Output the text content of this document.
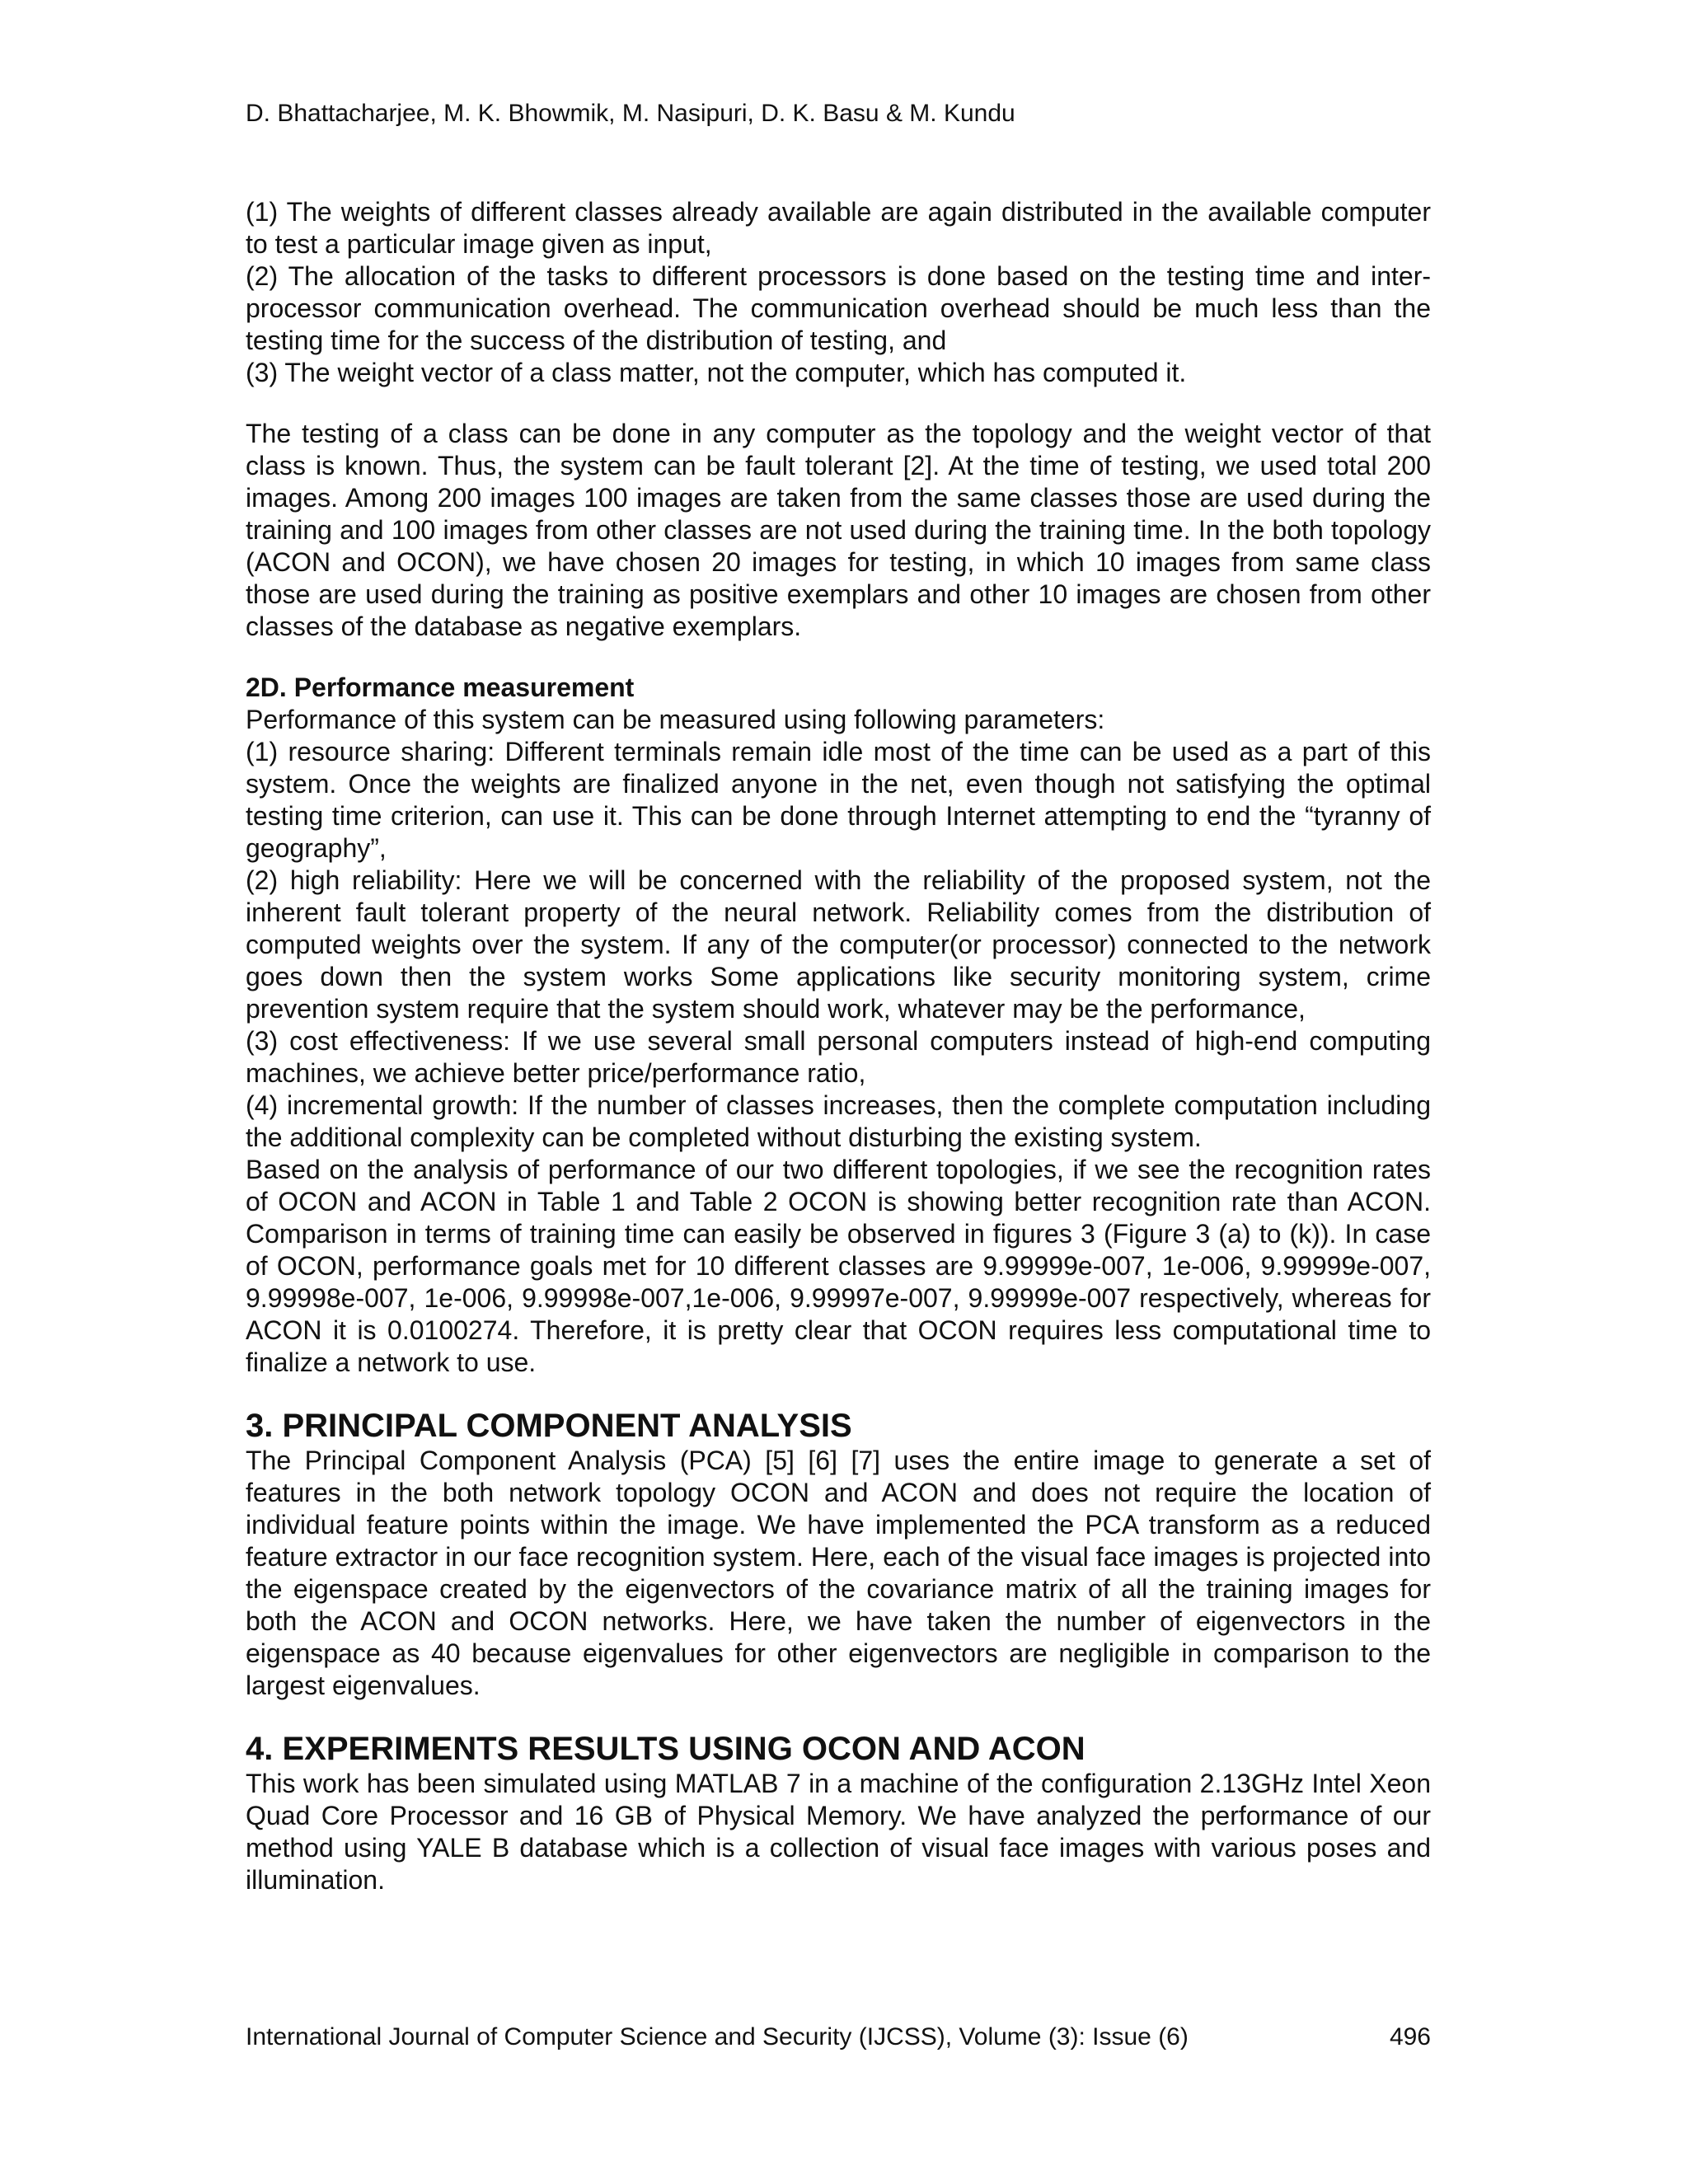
D. Bhattacharjee, M. K. Bhowmik, M. Nasipuri, D. K. Basu & M. Kundu

(1) The weights of different classes already available are again distributed in the available computer to test a particular image given as input,

(2) The allocation of the tasks to different processors is done based on the testing time and inter-processor communication overhead. The communication overhead should be much less than the testing time for the success of the distribution of testing, and

(3) The weight vector of a class matter, not the computer, which has computed it.

The testing of a class can be done in any computer as the topology and the weight vector of that class is known. Thus, the system can be fault tolerant [2]. At the time of testing, we used total 200 images. Among 200 images 100 images are taken from the same classes those are used during the training and 100 images from other classes are not used during the training time. In the both topology (ACON and OCON), we have chosen 20 images for testing, in which 10 images from same class those are used during the training as positive exemplars and other 10 images are chosen from other classes of the database as negative exemplars.

2D. Performance measurement

Performance of this system can be measured using following parameters:

(1) resource sharing: Different terminals remain idle most of the time can be used as a part of this system. Once the weights are finalized anyone in the net, even though not satisfying the optimal testing time criterion, can use it. This can be done through Internet attempting to end the “tyranny of geography”,

(2) high reliability: Here we will be concerned with the reliability of the proposed system, not the inherent fault tolerant property of the neural network. Reliability comes from the distribution of computed weights over the system. If any of the computer(or processor) connected to the network goes down then the system works Some applications like security monitoring system, crime prevention system require that the system should work, whatever may be the performance,

(3) cost effectiveness: If we use several small personal computers instead of high-end computing machines, we achieve better price/performance ratio,

(4) incremental growth: If the number of classes increases, then the complete computation including the additional complexity can be completed without disturbing the existing system.

Based on the analysis of performance of our two different topologies, if we see the recognition rates of OCON and ACON in Table 1 and Table 2 OCON is showing better recognition rate than ACON. Comparison in terms of training time can easily be observed in figures 3 (Figure 3 (a) to (k)). In case of OCON, performance goals met for 10 different classes are 9.99999e-007, 1e-006, 9.99999e-007, 9.99998e-007, 1e-006, 9.99998e-007,1e-006, 9.99997e-007, 9.99999e-007 respectively, whereas for ACON it is 0.0100274. Therefore, it is pretty clear that OCON requires less computational time to finalize a network to use.

3. PRINCIPAL COMPONENT ANALYSIS

The Principal Component Analysis (PCA) [5] [6] [7] uses the entire image to generate a set of features in the both network topology OCON and ACON and does not require the location of individual feature points within the image. We have implemented the PCA transform as a reduced feature extractor in our face recognition system. Here, each of the visual face images is projected into the eigenspace created by the eigenvectors of the covariance matrix of all the training images for both the ACON and OCON networks. Here, we have taken the number of eigenvectors in the eigenspace as 40 because eigenvalues for other eigenvectors are negligible in comparison to the largest eigenvalues.

4. EXPERIMENTS RESULTS USING OCON AND ACON

This work has been simulated using MATLAB 7 in a machine of the configuration 2.13GHz Intel Xeon Quad Core Processor and 16 GB of Physical Memory. We have analyzed the performance of our method using YALE B database which is a collection of visual face images with various poses and illumination.

International Journal of Computer Science and Security (IJCSS), Volume (3): Issue (6)	496
